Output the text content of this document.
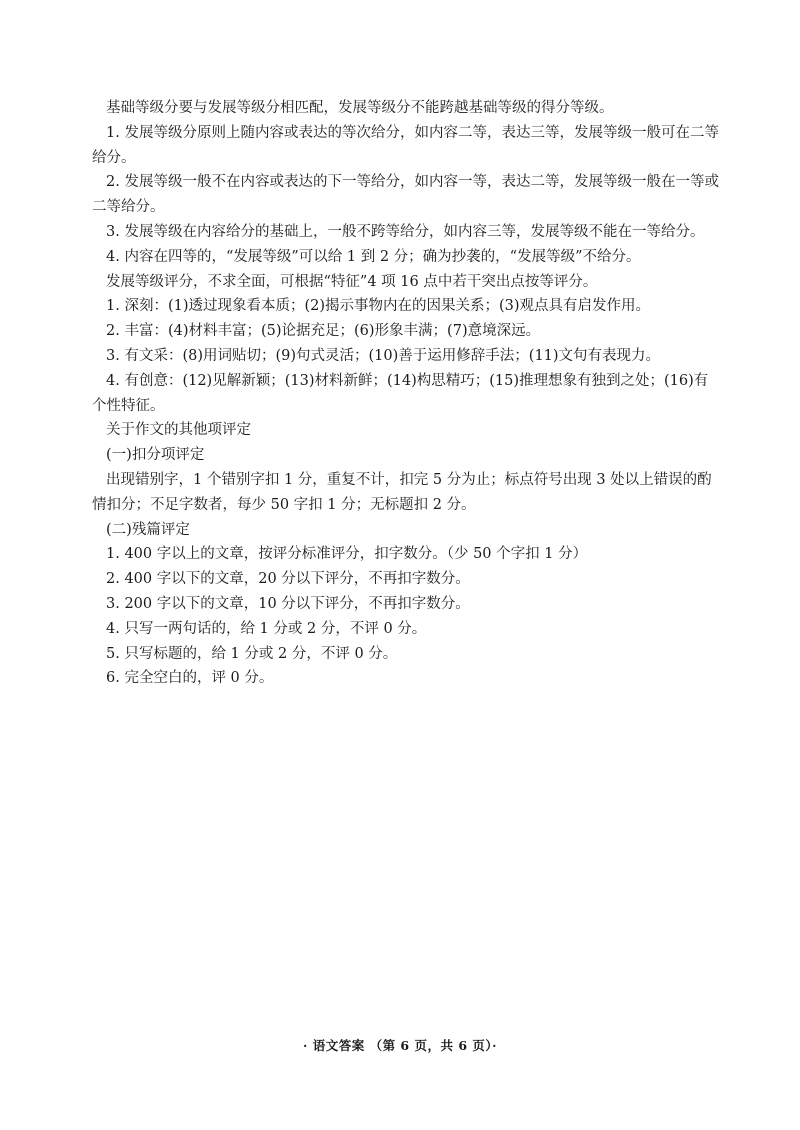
基础等级分要与发展等级分相匹配，发展等级分不能跨越基础等级的得分等级。

1. 发展等级分原则上随内容或表达的等次给分，如内容二等，表达三等，发展等级一般可在二等给分。

2. 发展等级一般不在内容或表达的下一等给分，如内容一等，表达二等，发展等级一般在一等或二等给分。

3. 发展等级在内容给分的基础上，一般不跨等给分，如内容三等，发展等级不能在一等给分。

4. 内容在四等的，“发展等级”可以给 1 到 2 分；确为抄袭的，“发展等级”不给分。

发展等级评分，不求全面，可根据“特征”4 项 16 点中若干突出点按等评分。

1. 深刻：(1)透过现象看本质；(2)揭示事物内在的因果关系；(3)观点具有启发作用。

2. 丰富：(4)材料丰富；(5)论据充足；(6)形象丰满；(7)意境深远。

3. 有文采：(8)用词贴切；(9)句式灵活；(10)善于运用修辞手法；(11)文句有表现力。

4. 有创意：(12)见解新颖；(13)材料新鲜；(14)构思精巧；(15)推理想象有独到之处；(16)有个性特征。

关于作文的其他项评定

(一)扣分项评定

出现错别字，1 个错别字扣 1 分，重复不计，扣完 5 分为止；标点符号出现 3 处以上错误的酌情扣分；不足字数者，每少 50 字扣 1 分；无标题扣 2 分。

(二)残篇评定

1. 400 字以上的文章，按评分标准评分，扣字数分。（少 50 个字扣 1 分）

2. 400 字以下的文章，20 分以下评分，不再扣字数分。

3. 200 字以下的文章，10 分以下评分，不再扣字数分。

4. 只写一两句话的，给 1 分或 2 分，不评 0 分。

5. 只写标题的，给 1 分或 2 分，不评 0 分。

6. 完全空白的，评 0 分。

· 语文答案 （第 6 页，共 6 页）·
